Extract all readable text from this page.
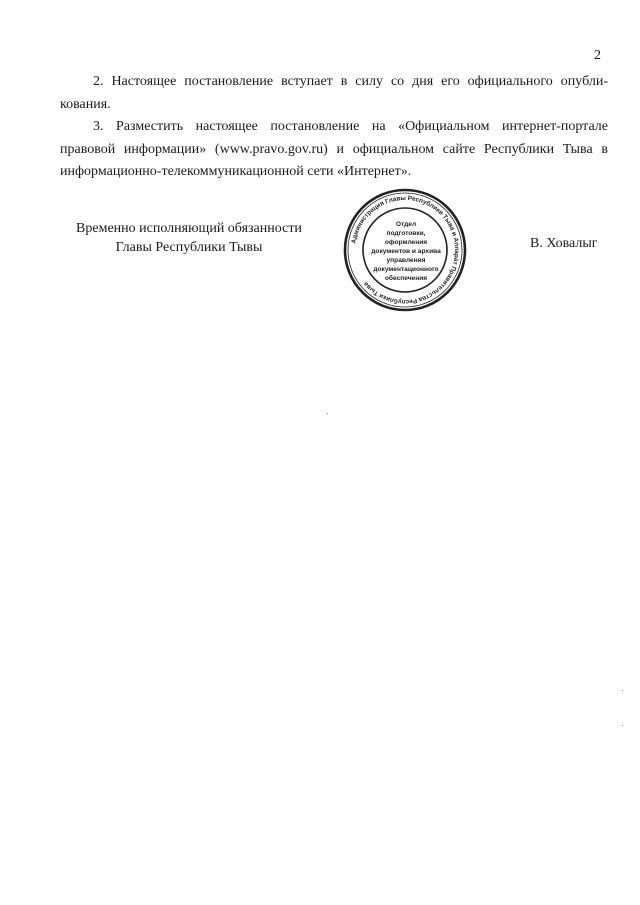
2

2. Настоящее постановление вступает в силу со дня его официального опубликования.

3. Разместить настоящее постановление на «Официальном интернет-портале правовой информации» (www.pravo.gov.ru) и официальном сайте Республики Тыва в информационно-телекоммуникационной сети «Интернет».

Временно исполняющий обязанности
Главы Республики Тывы	Администрация Главы Республики Тыва и Аппарат Правительства Республики Тыва
Отдел
подготовки,
оформления
документов и архива
управления
документационного
обеспечения
В. Ховалыг
